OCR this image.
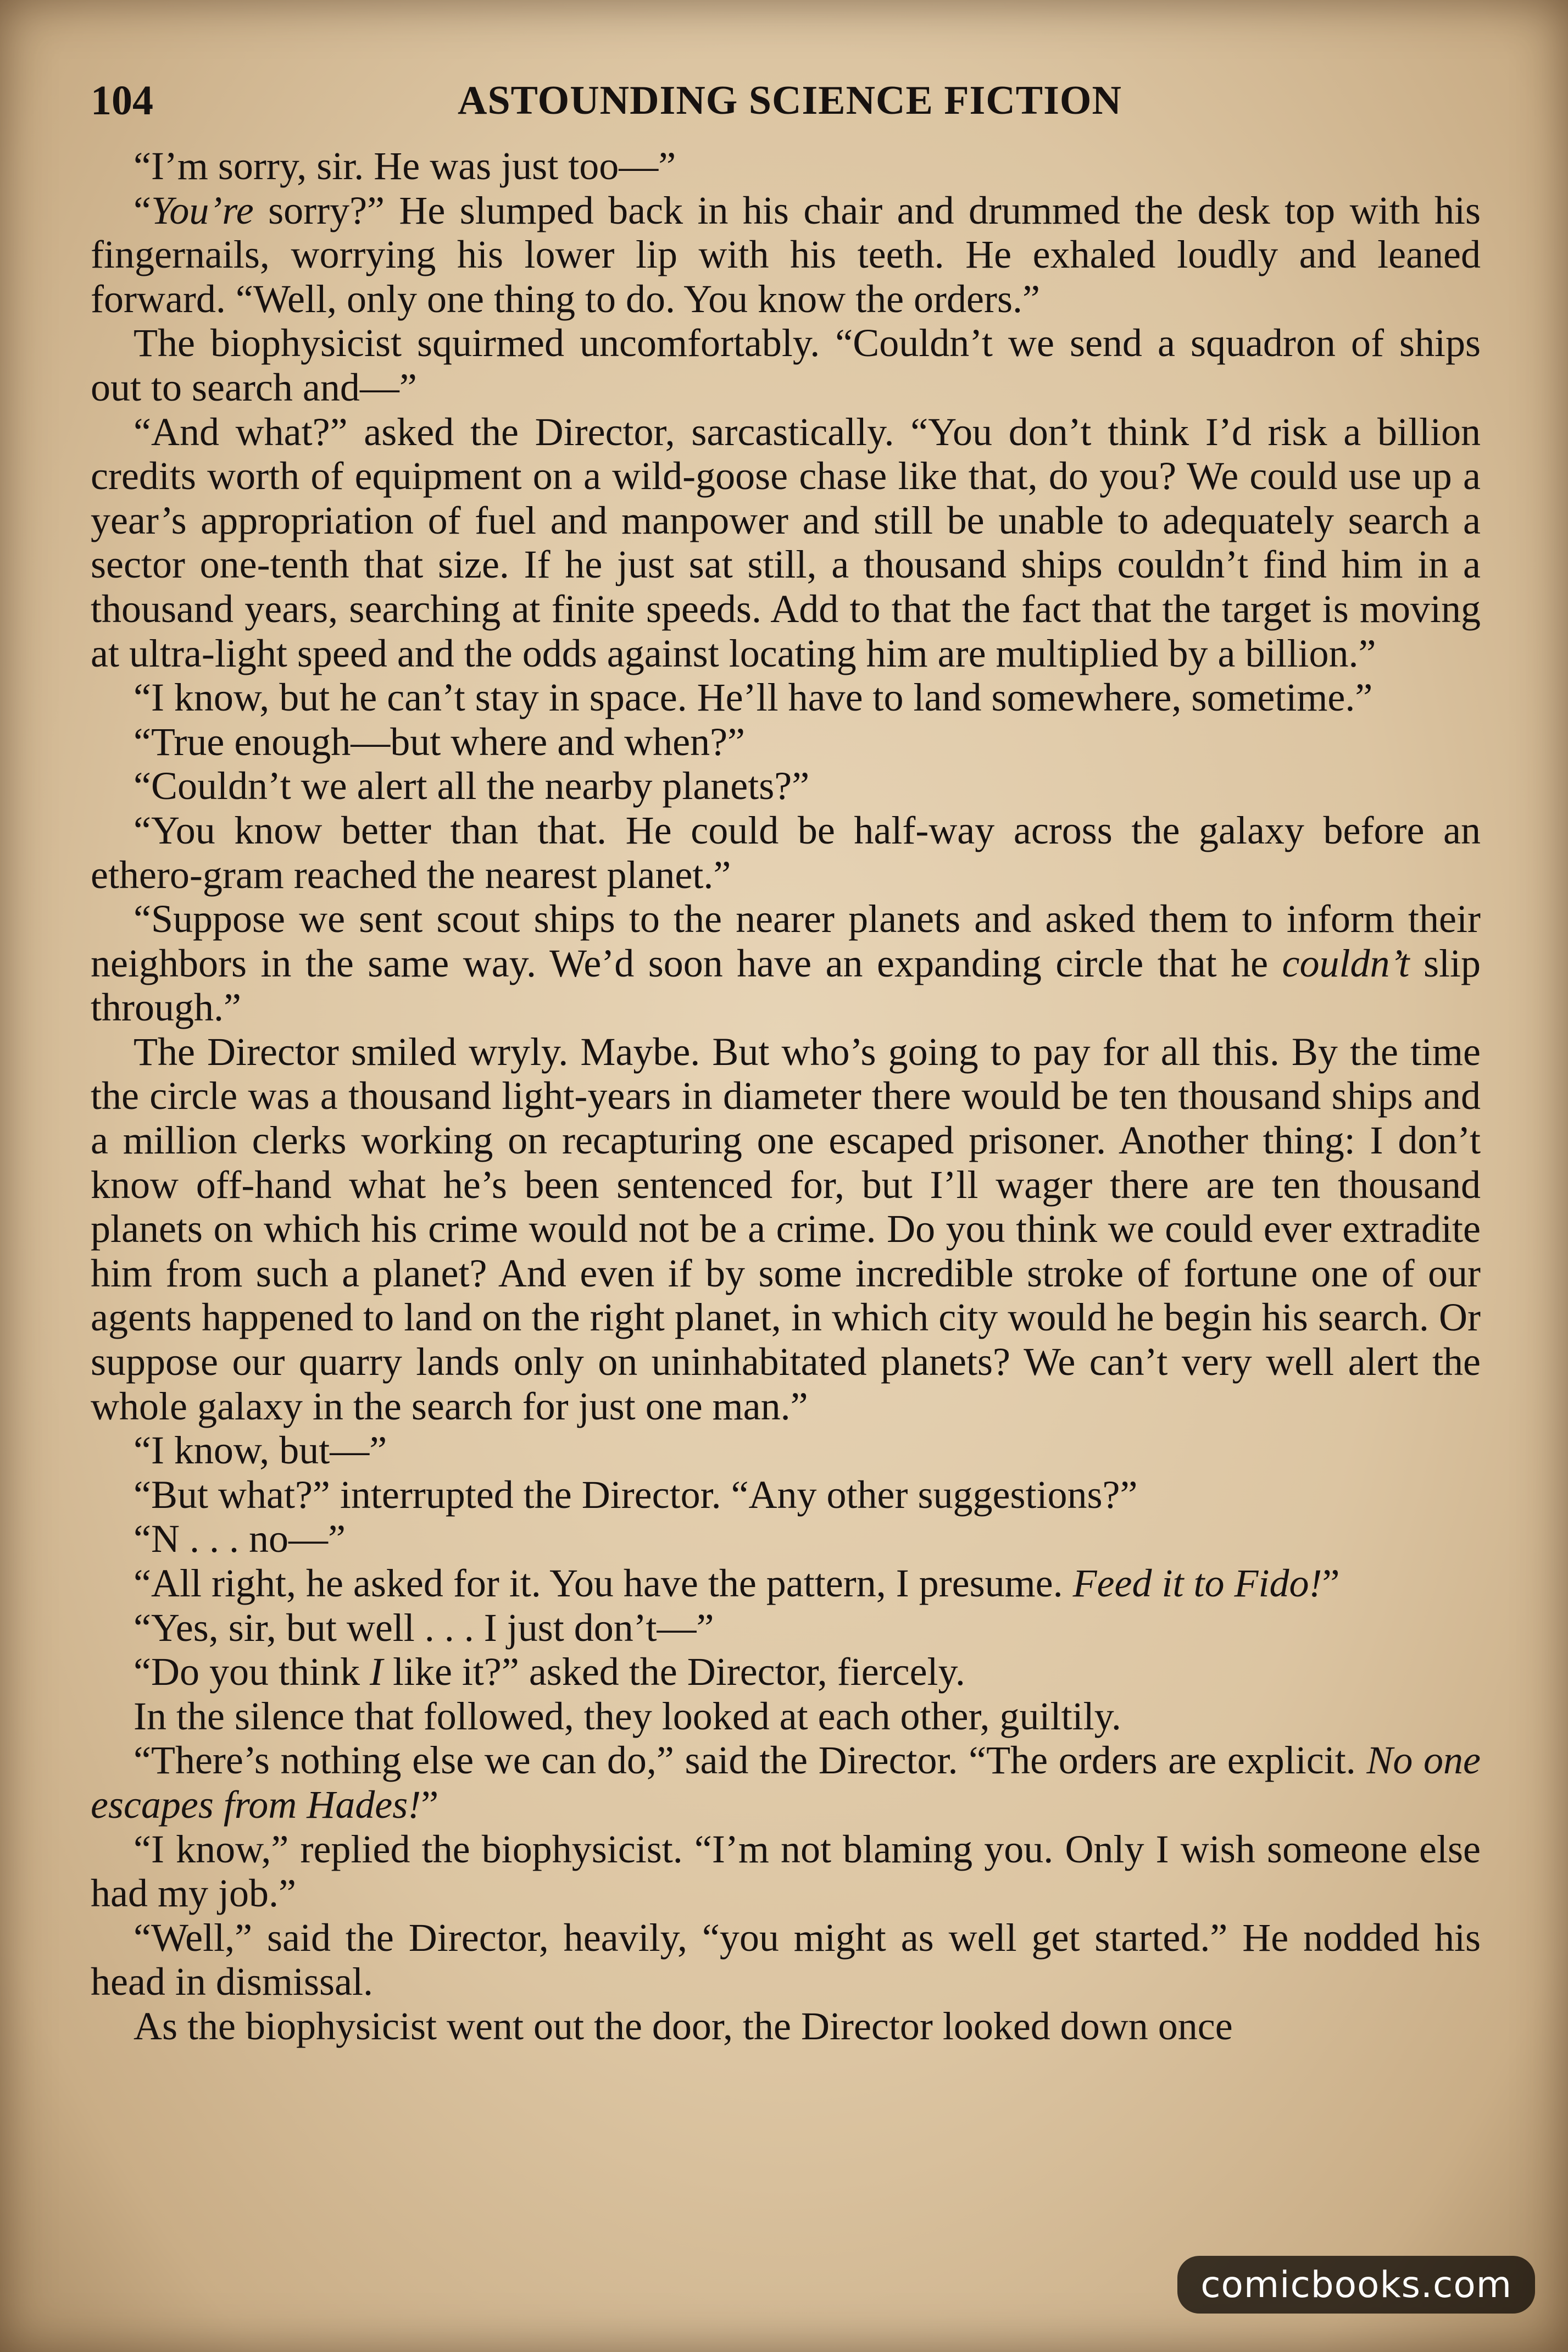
104	ASTOUNDING SCIENCE FICTION

“I’m sorry, sir. He was just too—”

“You’re sorry?” He slumped back in his chair and drummed the desk top with his fingernails, worrying his lower lip with his teeth. He exhaled loudly and leaned forward. “Well, only one thing to do. You know the orders.”

The biophysicist squirmed uncomfortably. “Couldn’t we send a squadron of ships out to search and—”

“And what?” asked the Director, sarcastically. “You don’t think I’d risk a billion credits worth of equipment on a wild-goose chase like that, do you? We could use up a year’s appropriation of fuel and manpower and still be unable to adequately search a sector one-tenth that size. If he just sat still, a thousand ships couldn’t find him in a thousand years, searching at finite speeds. Add to that the fact that the target is moving at ultra-light speed and the odds against locating him are multiplied by a billion.”

“I know, but he can’t stay in space. He’ll have to land somewhere, sometime.”

“True enough—but where and when?”

“Couldn’t we alert all the nearby planets?”

“You know better than that. He could be half-way across the galaxy before an ethero-gram reached the nearest planet.”

“Suppose we sent scout ships to the nearer planets and asked them to inform their neighbors in the same way. We’d soon have an expanding circle that he couldn’t slip through.”

The Director smiled wryly. Maybe. But who’s going to pay for all this. By the time the circle was a thousand light-years in diameter there would be ten thousand ships and a million clerks working on recapturing one escaped prisoner. Another thing: I don’t know off-hand what he’s been sentenced for, but I’ll wager there are ten thousand planets on which his crime would not be a crime. Do you think we could ever extradite him from such a planet? And even if by some incredible stroke of fortune one of our agents happened to land on the right planet, in which city would he begin his search. Or suppose our quarry lands only on uninhabitated planets? We can’t very well alert the whole galaxy in the search for just one man.”

“I know, but—”

“But what?” interrupted the Director. “Any other suggestions?”

“N . . . no—”

“All right, he asked for it. You have the pattern, I presume. Feed it to Fido!”

“Yes, sir, but well . . . I just don’t—”

“Do you think I like it?” asked the Director, fiercely.

In the silence that followed, they looked at each other, guiltily.

“There’s nothing else we can do,” said the Director. “The orders are explicit. No one escapes from Hades!”

“I know,” replied the biophysicist. “I’m not blaming you. Only I wish someone else had my job.”

“Well,” said the Director, heavily, “you might as well get started.” He nodded his head in dismissal.

As the biophysicist went out the door, the Director looked down once

comicbooks.com
